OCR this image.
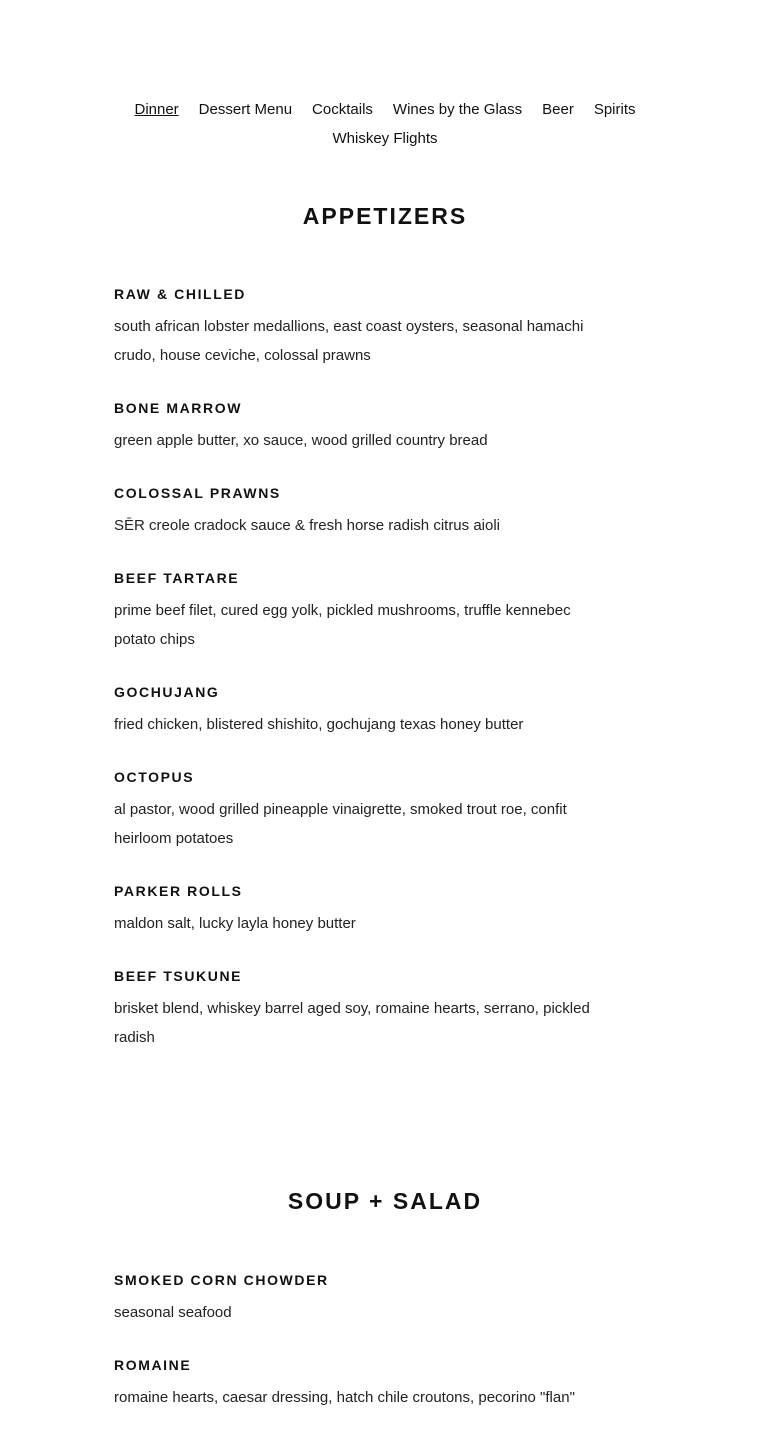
Dinner Dessert Menu Cocktails Wines by the Glass Beer Spirits
Whiskey Flights
APPETIZERS

RAW & CHILLED

south african lobster medallions, east coast oysters, seasonal hamachi crudo, house ceviche, colossal prawns

BONE MARROW

green apple butter, xo sauce, wood grilled country bread

COLOSSAL PRAWNS

SĒR creole cradock sauce & fresh horse radish citrus aioli

BEEF TARTARE

prime beef filet, cured egg yolk, pickled mushrooms, truffle kennebec potato chips

GOCHUJANG

fried chicken, blistered shishito, gochujang texas honey butter

OCTOPUS

al pastor, wood grilled pineapple vinaigrette, smoked trout roe, confit heirloom potatoes

PARKER ROLLS

maldon salt, lucky layla honey butter

BEEF TSUKUNE

brisket blend, whiskey barrel aged soy, romaine hearts, serrano, pickled radish

SOUP + SALAD

SMOKED CORN CHOWDER

seasonal seafood

ROMAINE

romaine hearts, caesar dressing, hatch chile croutons, pecorino "flan"
